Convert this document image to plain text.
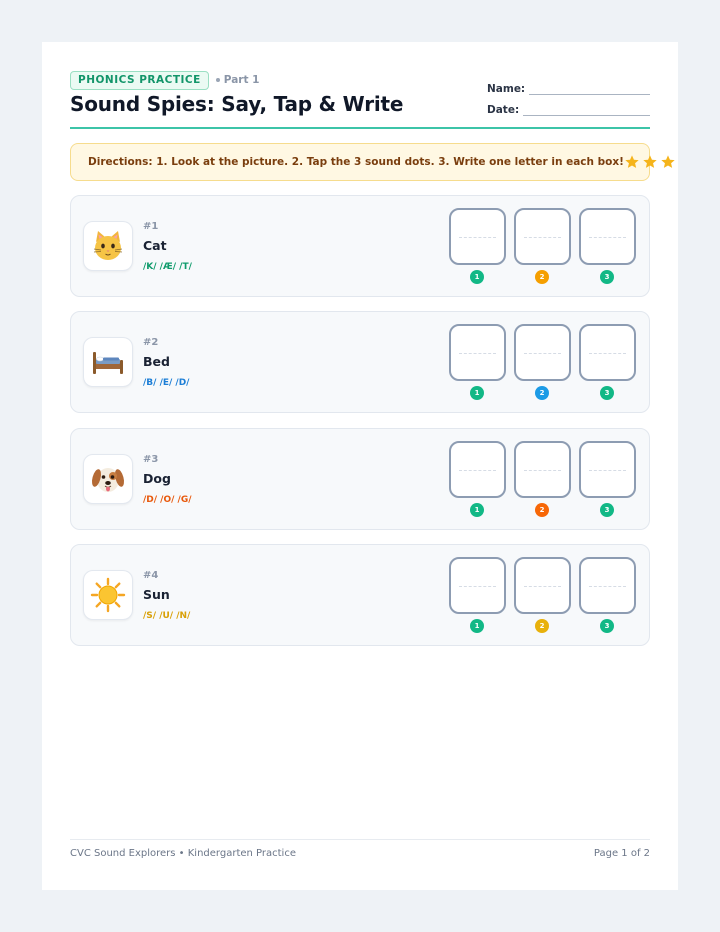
PHONICS PRACTICE	Part 1
Sound Spies: Say, Tap & Write
Name:
Date:
Directions: 1. Look at the picture. 2. Tap the 3 sound dots. 3. Write one letter in each box!
#1
Cat
/K/ /Æ/ /T/
1	2	3
#2
Bed
/B/ /E/ /D/
1	2	3
#3
Dog
/D/ /O/ /G/
1	2	3
#4
Sun
/S/ /U/ /N/
1	2	3
CVC Sound Explorers • Kindergarten Practice	Page 1 of 2
